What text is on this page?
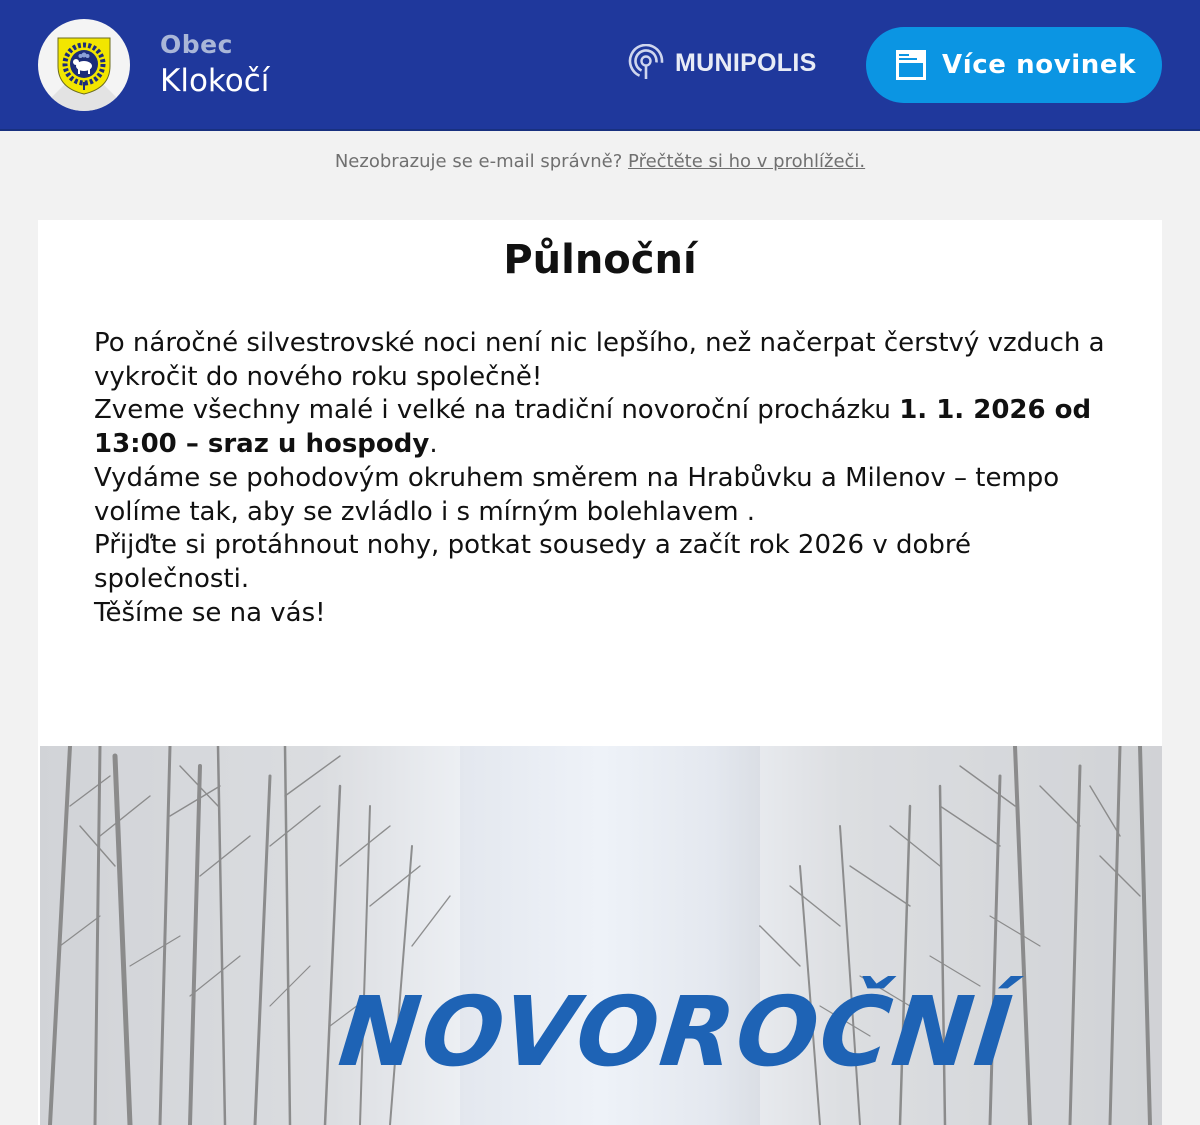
Obec
Klokočí
MUNIPOLIS	Více novinek
Nezobrazuje se e-mail správně? Přečtěte si ho v prohlížeči.
Půlnoční

Po náročné silvestrovské noci není nic lepšího, než načerpat čerstvý vzduch a vykročit do nového roku společně!

Zveme všechny malé i velké na tradiční novoroční procházku 1. 1. 2026 od 13:00 – sraz u hospody.

Vydáme se pohodovým okruhem směrem na Hrabůvku a Milenov – tempo volíme tak, aby se zvládlo i s mírným bolehlavem .

Přijďte si protáhnout nohy, potkat sousedy a začít rok 2026 v dobré společnosti.

Těšíme se na vás!

NOVOROČNÍ
